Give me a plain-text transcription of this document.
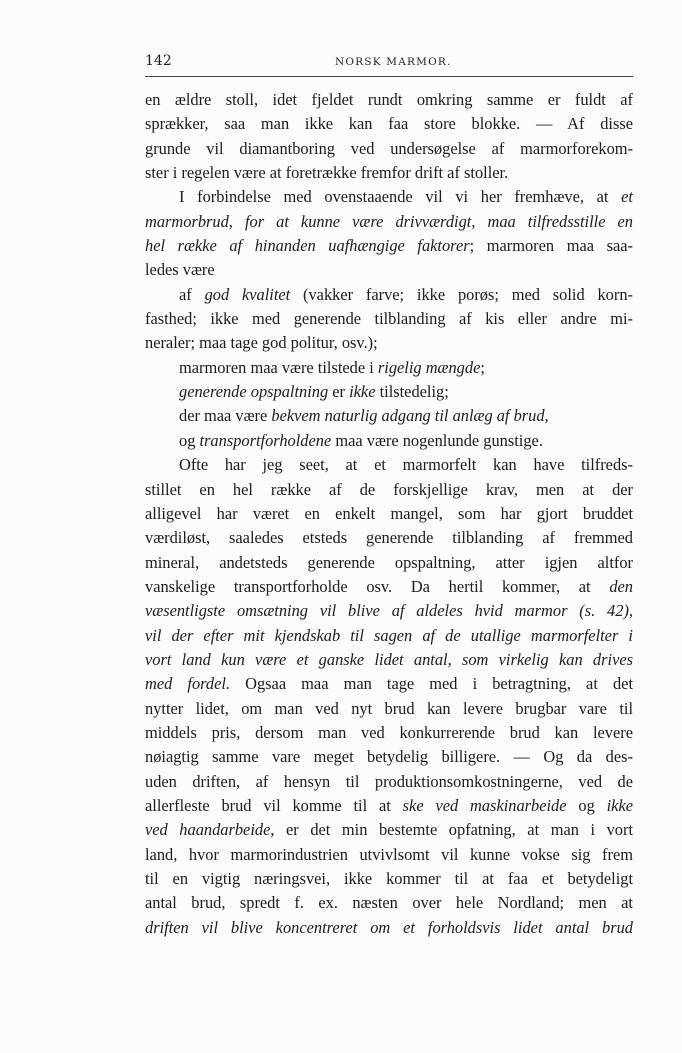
142	NORSK MARMOR.
en ældre stoll, idet fjeldet rundt omkring samme er fuldt af
sprækker, saa man ikke kan faa store blokke. — Af disse
grunde vil diamantboring ved undersøgelse af marmorforekom-
ster i regelen være at foretrække fremfor drift af stoller.
I forbindelse med ovenstaaende vil vi her fremhæve, at et
marmorbrud, for at kunne være drivværdigt, maa tilfredsstille en
hel række af hinanden uafhængige faktorer; marmoren maa saa-
ledes være
af god kvalitet (vakker farve; ikke porøs; med solid korn-
fasthed; ikke med generende tilblanding af kis eller andre mi-
neraler; maa tage god politur, osv.);
marmoren maa være tilstede i rigelig mængde;
generende opspaltning er ikke tilstedelig;
der maa være bekvem naturlig adgang til anlæg af brud,
og transportforholdene maa være nogenlunde gunstige.
Ofte har jeg seet, at et marmorfelt kan have tilfreds-
stillet en hel række af de forskjellige krav, men at der
alligevel har været en enkelt mangel, som har gjort bruddet
værdiløst, saaledes etsteds generende tilblanding af fremmed
mineral, andetsteds generende opspaltning, atter igjen altfor
vanskelige transportforholde osv. Da hertil kommer, at den
væsentligste omsætning vil blive af aldeles hvid marmor (s. 42),
vil der efter mit kjendskab til sagen af de utallige marmorfelter i
vort land kun være et ganske lidet antal, som virkelig kan drives
med fordel. Ogsaa maa man tage med i betragtning, at det
nytter lidet, om man ved nyt brud kan levere brugbar vare til
middels pris, dersom man ved konkurrerende brud kan levere
nøiagtig samme vare meget betydelig billigere. — Og da des-
uden driften, af hensyn til produktionsomkostningerne, ved de
allerfleste brud vil komme til at ske ved maskinarbeide og ikke
ved haandarbeide, er det min bestemte opfatning, at man i vort
land, hvor marmorindustrien utvivlsomt vil kunne vokse sig frem
til en vigtig næringsvei, ikke kommer til at faa et betydeligt
antal brud, spredt f. ex. næsten over hele Nordland; men at
driften vil blive koncentreret om et forholdsvis lidet antal brud
